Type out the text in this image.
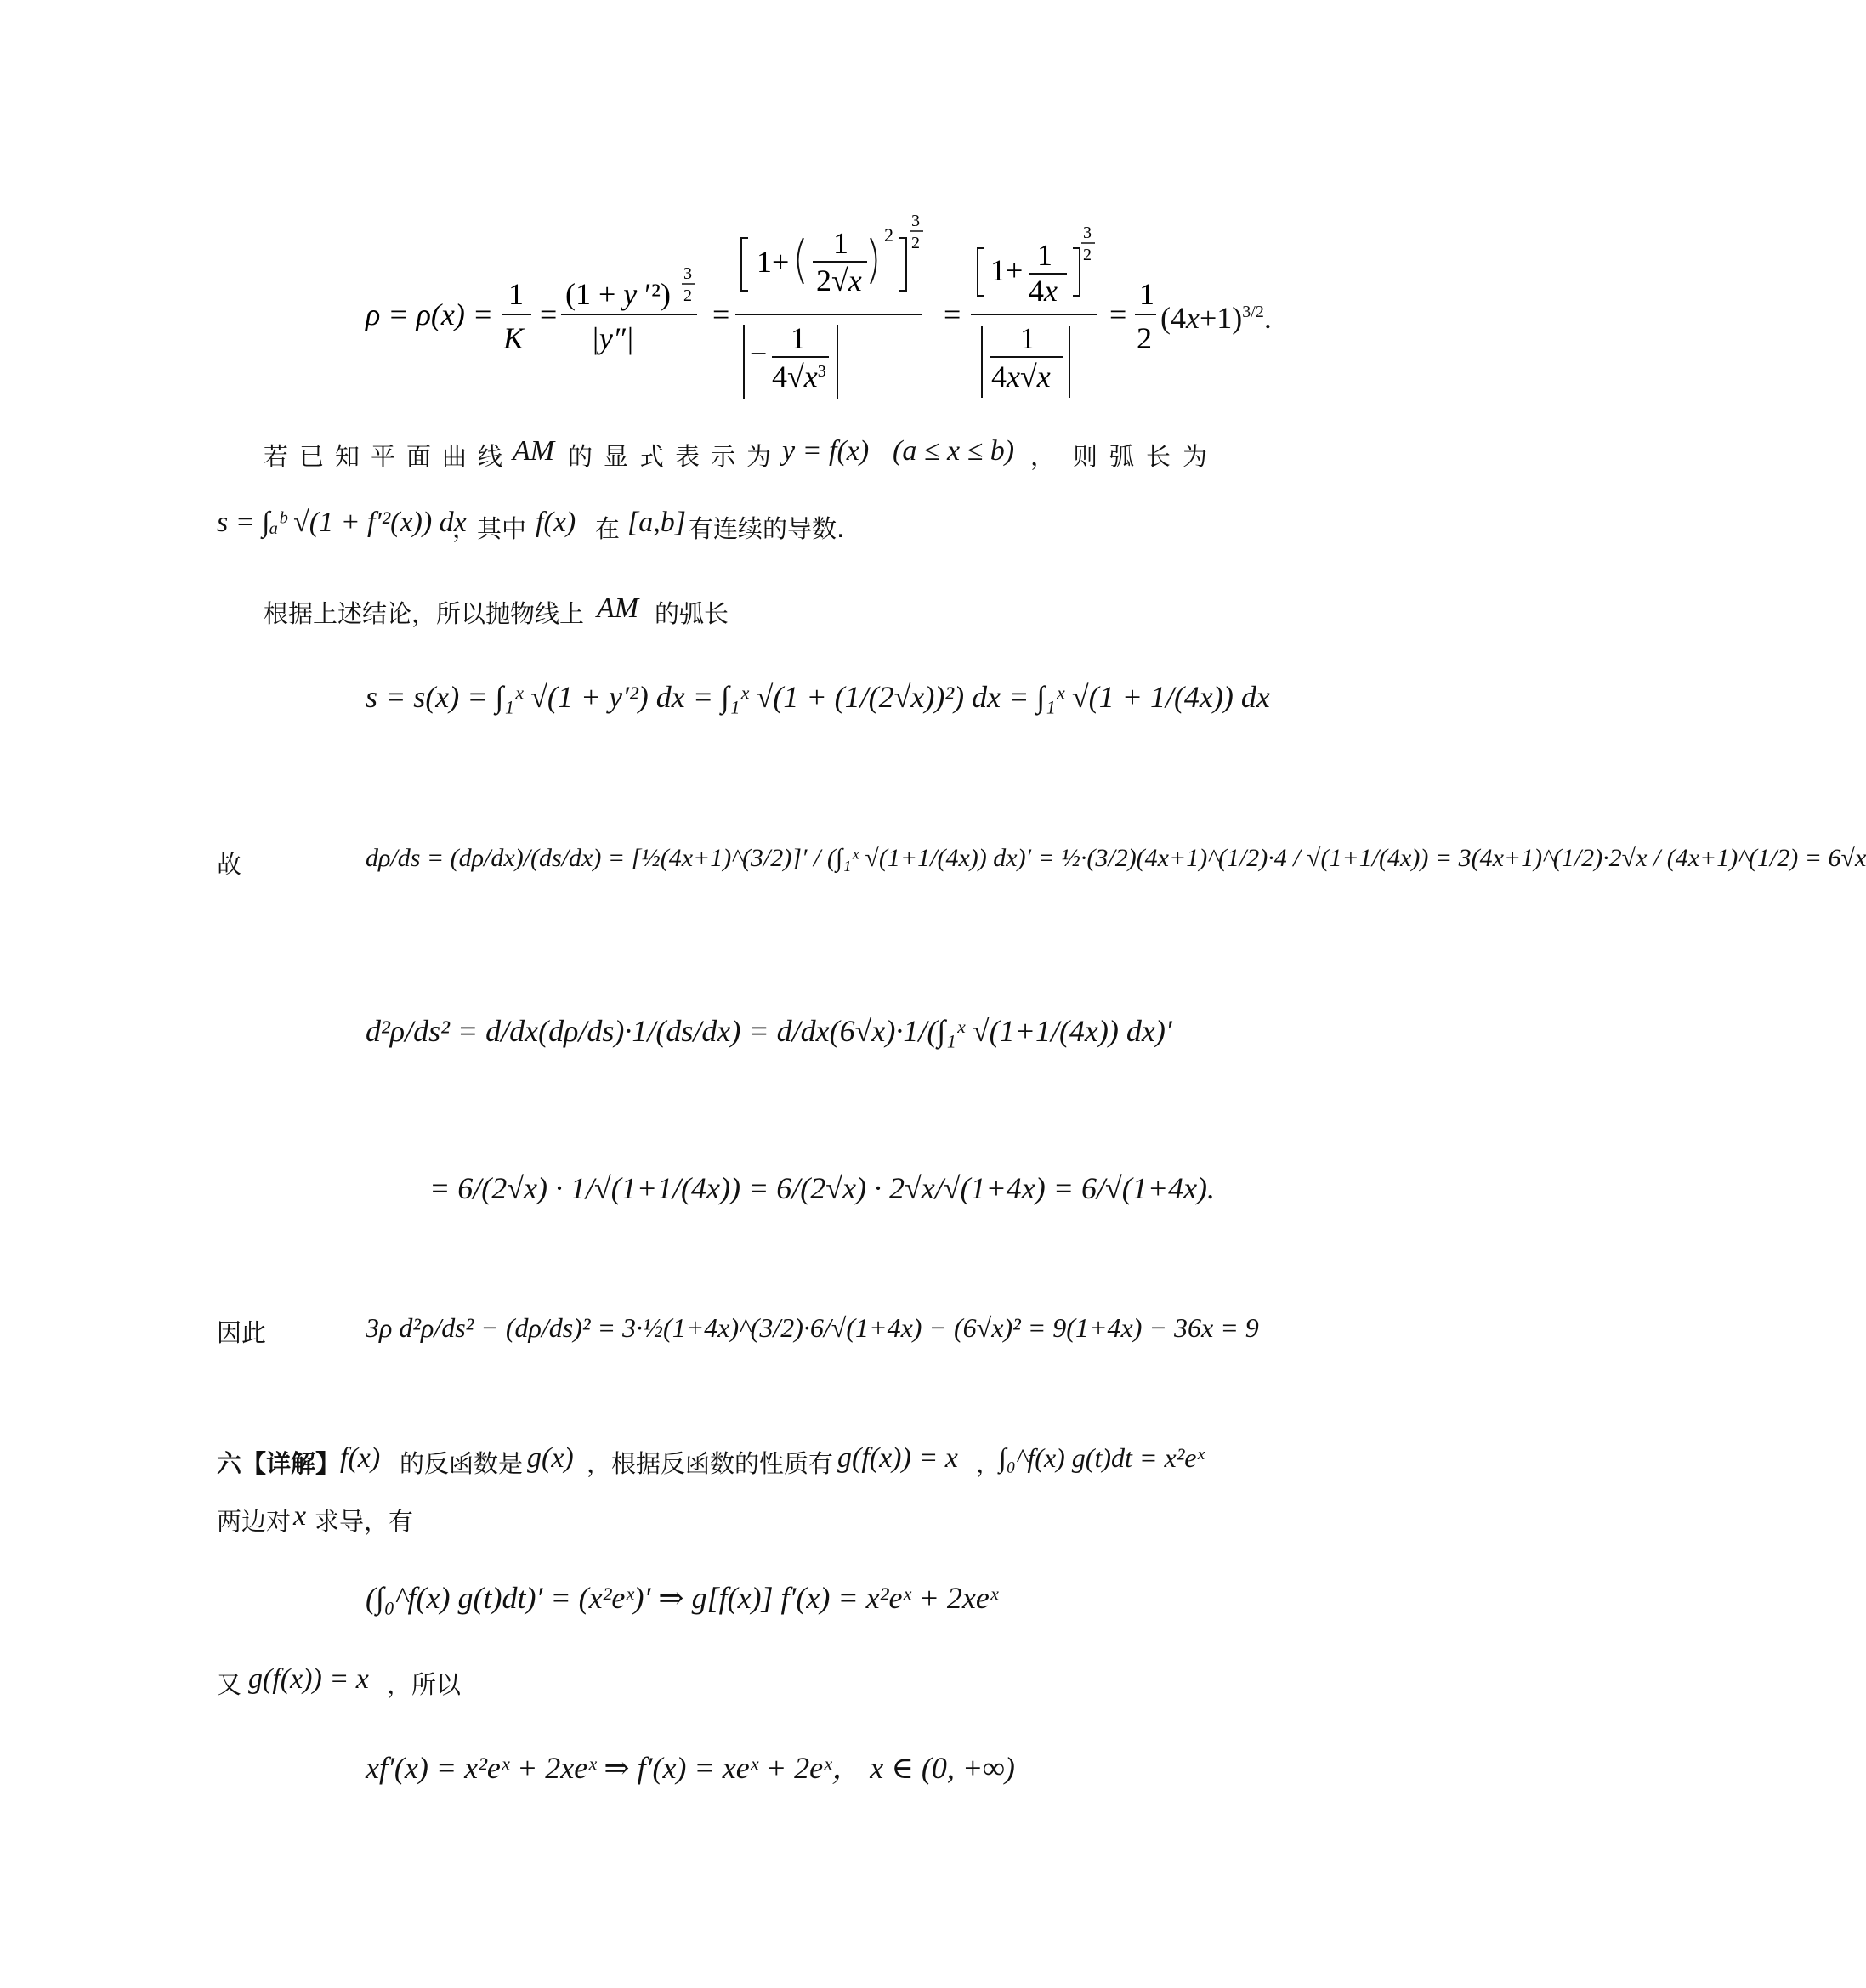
ρ = ρ(x) =
1
K
=
(1 + y ′²)
3
2
|y″|
=
1+
1
2√x
2
3
2
− 1
$4√x^3$
=
1+ 1
4x
3
2
1
4x√x
=
1
2
$(4x+1)^{3/2}$.
若已知平面曲线
AM 的显式表示为 y = f(x) (a ≤ x ≤ b) ， 则弧长为
s = ∫ₐᵇ √(1 + f′²(x)) dx
，其中 f(x) 在 [a,b] 有连续的导数.
根据上述结论，所以抛物线上 AM 的弧长
s = s(x) = ∫₁ˣ √(1 + y′²) dx = ∫₁ˣ √(1 + (1/(2√x))²) dx = ∫₁ˣ √(1 + 1/(4x)) dx
故	dρ/ds = (dρ/dx)/(ds/dx) = [½(4x+1)^(3/2)]′ / (∫₁ˣ √(1+1/(4x)) dx)′ = ½·(3/2)(4x+1)^(1/2)·4 / √(1+1/(4x)) = 3(4x+1)^(1/2)·2√x / (4x+1)^(1/2) = 6√x
d²ρ/ds² = d/dx(dρ/ds)·1/(ds/dx) = d/dx(6√x)·1/(∫₁ˣ √(1+1/(4x)) dx)′
= 6/(2√x) · 1/√(1+1/(4x)) = 6/(2√x) · 2√x/√(1+4x) = 6/√(1+4x).
因此	3ρ d²ρ/ds² − (dρ/ds)² = 3·½(1+4x)^(3/2)·6/√(1+4x) − (6√x)² = 9(1+4x) − 36x = 9
六【详解】 f(x) 的反函数是 g(x) ，根据反函数的性质有 g(f(x)) = x ，
∫₀^f(x) g(t)dt = x²eˣ
两边对 x 求导，有
(∫₀^f(x) g(t)dt)′ = (x²eˣ)′ ⇒ g[f(x)] f′(x) = x²eˣ + 2xeˣ
又 g(f(x)) = x ，所以
xf′(x) = x²eˣ + 2xeˣ ⇒ f′(x) = xeˣ + 2eˣ， x ∈ (0, +∞)
